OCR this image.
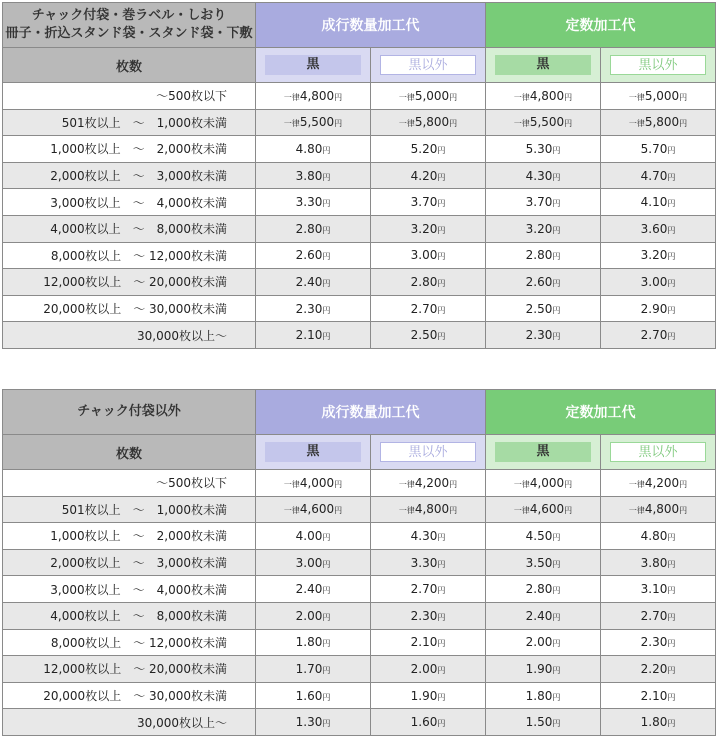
チャック付袋・巻ラベル・しおり
冊子・折込スタンド袋・スタンド袋・下敷	成行数量加工代		定数加工代	
枚数	黒	黒以外	黒	黒以外

～500枚以下	一律4,800円	一律5,000円	一律4,800円	一律5,000円
501枚以上　～　1,000枚未満	一律5,500円	一律5,800円	一律5,500円	一律5,800円
1,000枚以上　～　2,000枚未満	4.80円	5.20円	5.30円	5.70円
2,000枚以上　～　3,000枚未満	3.80円	4.20円	4.30円	4.70円
3,000枚以上　～　4,000枚未満	3.30円	3.70円	3.70円	4.10円
4,000枚以上　～　8,000枚未満	2.80円	3.20円	3.20円	3.60円
8,000枚以上　～ 12,000枚未満	2.60円	3.00円	2.80円	3.20円
12,000枚以上　～ 20,000枚未満	2.40円	2.80円	2.60円	3.00円
20,000枚以上　～ 30,000枚未満	2.30円	2.70円	2.50円	2.90円
30,000枚以上～	2.10円	2.50円	2.30円	2.70円
チャック付袋以外	成行数量加工代		定数加工代	
枚数	黒	黒以外	黒	黒以外

～500枚以下	一律4,000円	一律4,200円	一律4,000円	一律4,200円
501枚以上　～　1,000枚未満	一律4,600円	一律4,800円	一律4,600円	一律4,800円
1,000枚以上　～　2,000枚未満	4.00円	4.30円	4.50円	4.80円
2,000枚以上　～　3,000枚未満	3.00円	3.30円	3.50円	3.80円
3,000枚以上　～　4,000枚未満	2.40円	2.70円	2.80円	3.10円
4,000枚以上　～　8,000枚未満	2.00円	2.30円	2.40円	2.70円
8,000枚以上　～ 12,000枚未満	1.80円	2.10円	2.00円	2.30円
12,000枚以上　～ 20,000枚未満	1.70円	2.00円	1.90円	2.20円
20,000枚以上　～ 30,000枚未満	1.60円	1.90円	1.80円	2.10円
30,000枚以上～	1.30円	1.60円	1.50円	1.80円
